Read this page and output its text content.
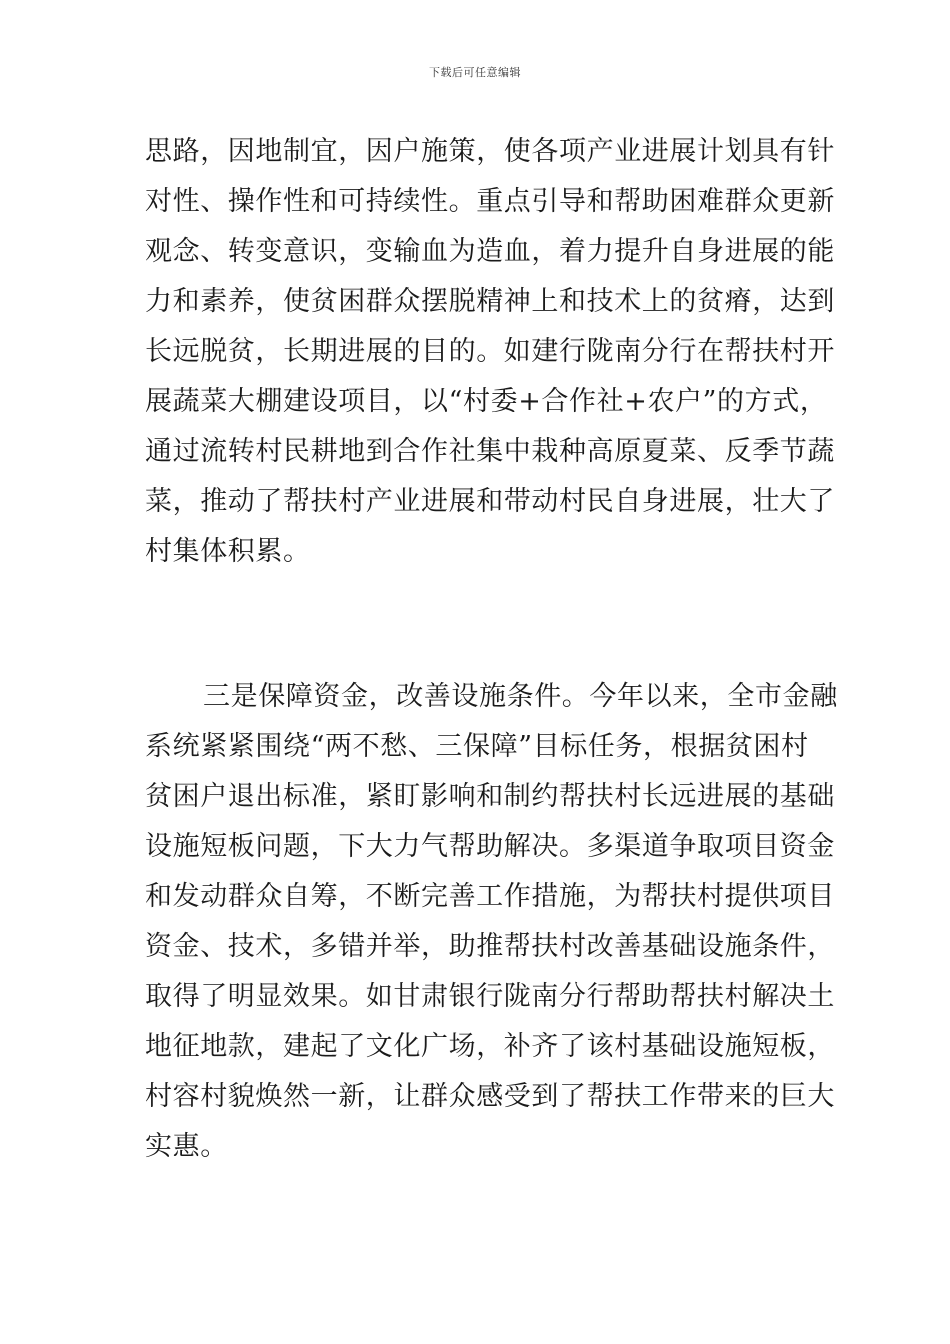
下载后可任意编辑
思路，因地制宜，因户施策，使各项产业进展计划具有针
对性、操作性和可持续性。重点引导和帮助困难群众更新
观念、转变意识，变输血为造血，着力提升自身进展的能
力和素养，使贫困群众摆脱精神上和技术上的贫瘠，达到
长远脱贫，长期进展的目的。如建行陇南分行在帮扶村开
展蔬菜大棚建设项目，以“村委+合作社+农户”的方式，
通过流转村民耕地到合作社集中栽种高原夏菜、反季节蔬
菜，推动了帮扶村产业进展和带动村民自身进展，壮大了
村集体积累。
三是保障资金，改善设施条件。今年以来，全市金融
系统紧紧围绕“两不愁、三保障”目标任务，根据贫困村
贫困户退出标准，紧盯影响和制约帮扶村长远进展的基础
设施短板问题，下大力气帮助解决。多渠道争取项目资金
和发动群众自筹，不断完善工作措施，为帮扶村提供项目
资金、技术，多错并举，助推帮扶村改善基础设施条件，
取得了明显效果。如甘肃银行陇南分行帮助帮扶村解决土
地征地款，建起了文化广场，补齐了该村基础设施短板，
村容村貌焕然一新，让群众感受到了帮扶工作带来的巨大
实惠。
